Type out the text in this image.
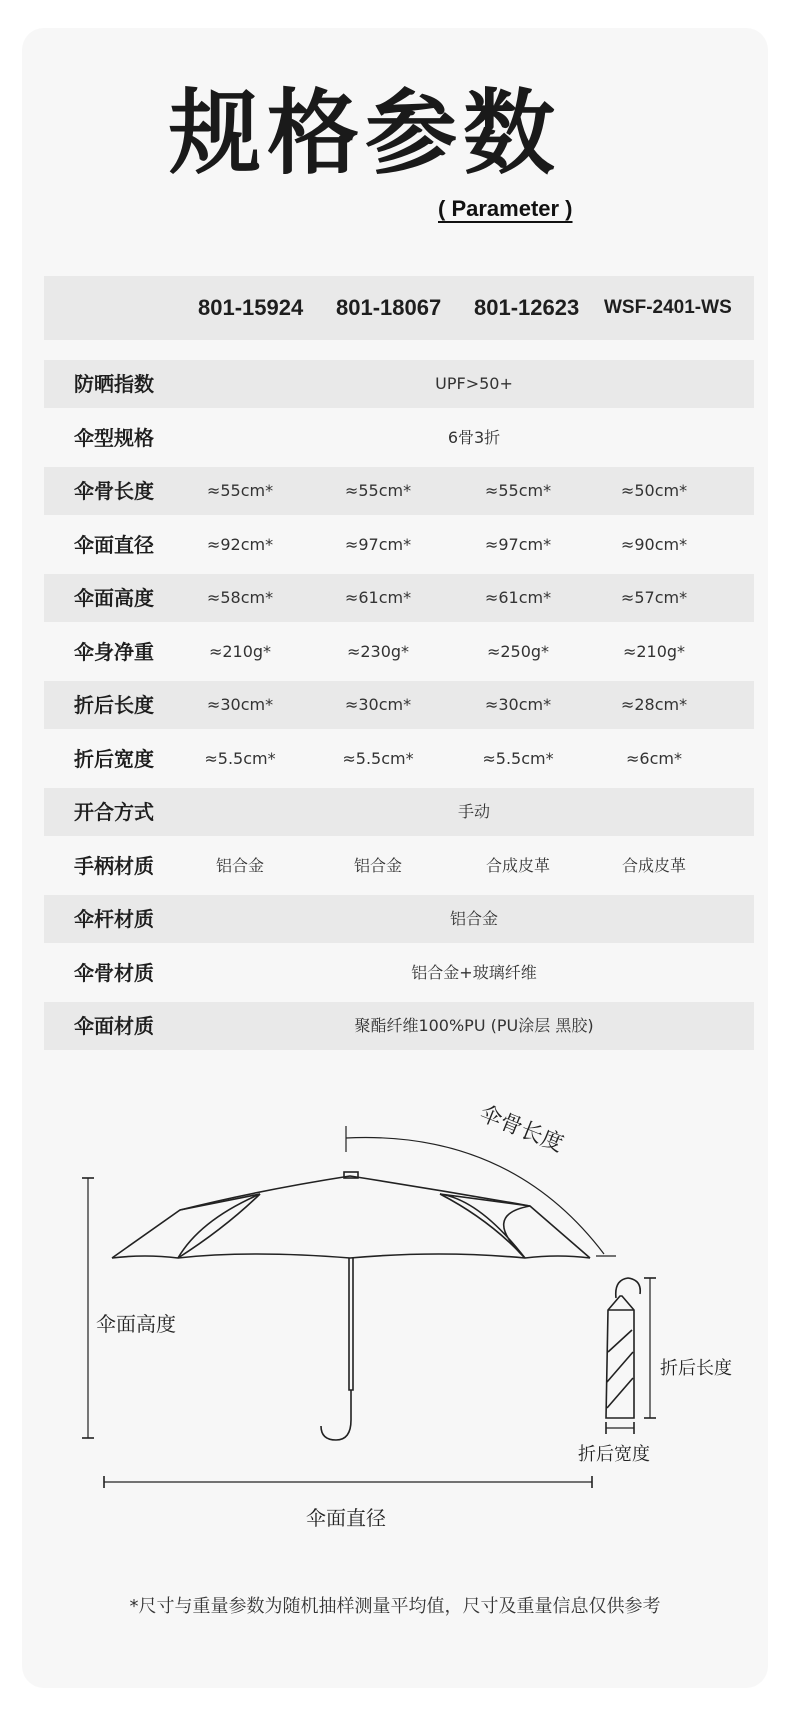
规格参数
( Parameter )
801-15924 801-18067 801-12623 WSF-2401-WS
防晒指数	UPF>50+
伞型规格	6骨3折
伞骨长度	≈55cm*	≈55cm*	≈55cm*	≈50cm*
伞面直径	≈92cm*	≈97cm*	≈97cm*	≈90cm*
伞面高度	≈58cm*	≈61cm*	≈61cm*	≈57cm*
伞身净重	≈210g*	≈230g*	≈250g*	≈210g*
折后长度	≈30cm*	≈30cm*	≈30cm*	≈28cm*
折后宽度	≈5.5cm*	≈5.5cm*	≈5.5cm*	≈6cm*
开合方式	手动
手柄材质	铝合金	铝合金	合成皮革	合成皮革
伞杆材质	铝合金
伞骨材质	铝合金+玻璃纤维
伞面材质	聚酯纤维100%PU (PU涂层 黑胶)
伞骨长度
伞面高度
伞面直径
折后长度
折后宽度
*尺寸与重量参数为随机抽样测量平均值，尺寸及重量信息仅供参考
